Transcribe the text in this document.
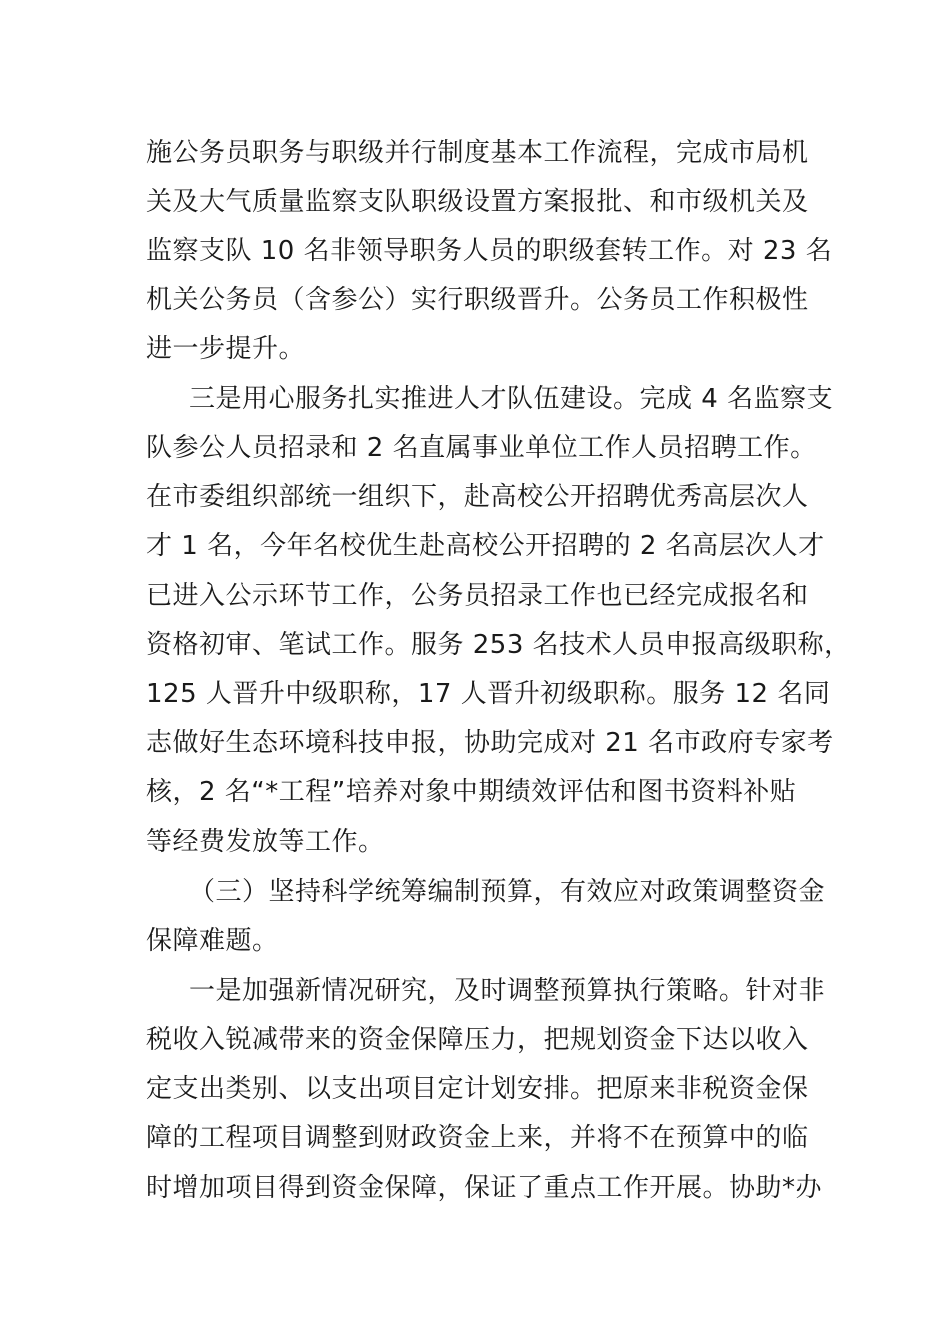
施公务员职务与职级并行制度基本工作流程，完成市局机
关及大气质量监察支队职级设置方案报批、和市级机关及
监察支队 10 名非领导职务人员的职级套转工作。对 23 名
机关公务员（含参公）实行职级晋升。公务员工作积极性
进一步提升。
三是用心服务扎实推进人才队伍建设。完成 4 名监察支
队参公人员招录和 2 名直属事业单位工作人员招聘工作。
在市委组织部统一组织下，赴高校公开招聘优秀高层次人
才 1 名，今年名校优生赴高校公开招聘的 2 名高层次人才
已进入公示环节工作，公务员招录工作也已经完成报名和
资格初审、笔试工作。服务 253 名技术人员申报高级职称，
125 人晋升中级职称，17 人晋升初级职称。服务 12 名同
志做好生态环境科技申报，协助完成对 21 名市政府专家考
核，2 名“*工程”培养对象中期绩效评估和图书资料补贴
等经费发放等工作。
（三）坚持科学统筹编制预算，有效应对政策调整资金
保障难题。
一是加强新情况研究，及时调整预算执行策略。针对非
税收入锐减带来的资金保障压力，把规划资金下达以收入
定支出类别、以支出项目定计划安排。把原来非税资金保
障的工程项目调整到财政资金上来，并将不在预算中的临
时增加项目得到资金保障，保证了重点工作开展。协助*办
